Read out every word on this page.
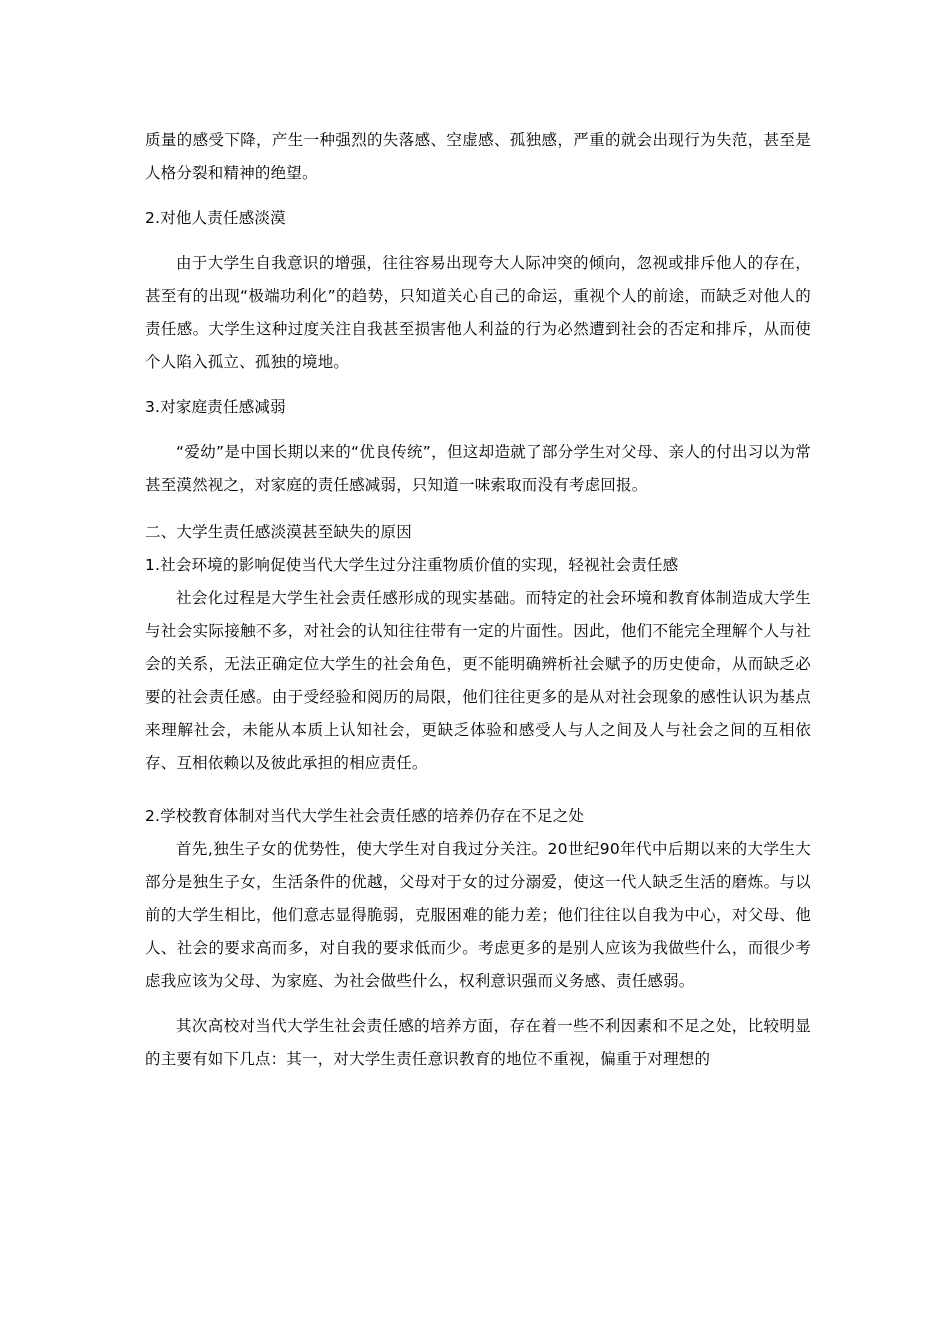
质量的感受下降，产生一种强烈的失落感、空虚感、孤独感，严重的就会出现行为失范，甚至是人格分裂和精神的绝望。

2.对他人责任感淡漠

由于大学生自我意识的增强，往往容易出现夸大人际冲突的倾向，忽视或排斥他人的存在，甚至有的出现“极端功利化”的趋势，只知道关心自己的命运，重视个人的前途，而缺乏对他人的责任感。大学生这种过度关注自我甚至损害他人利益的行为必然遭到社会的否定和排斥，从而使个人陷入孤立、孤独的境地。

3.对家庭责任感减弱

“爱幼”是中国长期以来的“优良传统”，但这却造就了部分学生对父母、亲人的付出习以为常甚至漠然视之，对家庭的责任感减弱，只知道一味索取而没有考虑回报。

二、大学生责任感淡漠甚至缺失的原因

1.社会环境的影响促使当代大学生过分注重物质价值的实现，轻视社会责任感

社会化过程是大学生社会责任感形成的现实基础。而特定的社会环境和教育体制造成大学生与社会实际接触不多，对社会的认知往往带有一定的片面性。因此，他们不能完全理解个人与社会的关系，无法正确定位大学生的社会角色，更不能明确辨析社会赋予的历史使命，从而缺乏必要的社会责任感。由于受经验和阅历的局限，他们往往更多的是从对社会现象的感性认识为基点来理解社会，未能从本质上认知社会，更缺乏体验和感受人与人之间及人与社会之间的互相依存、互相依赖以及彼此承担的相应责任。

2.学校教育体制对当代大学生社会责任感的培养仍存在不足之处

首先,独生子女的优势性，使大学生对自我过分关注。20世纪90年代中后期以来的大学生大部分是独生子女，生活条件的优越，父母对于女的过分溺爱，使这一代人缺乏生活的磨炼。与以前的大学生相比，他们意志显得脆弱，克服困难的能力差；他们往往以自我为中心，对父母、他人、社会的要求高而多，对自我的要求低而少。考虑更多的是别人应该为我做些什么，而很少考虑我应该为父母、为家庭、为社会做些什么，权利意识强而义务感、责任感弱。

其次高校对当代大学生社会责任感的培养方面，存在着一些不利因素和不足之处，比较明显的主要有如下几点：其一，对大学生责任意识教育的地位不重视，偏重于对理想的
